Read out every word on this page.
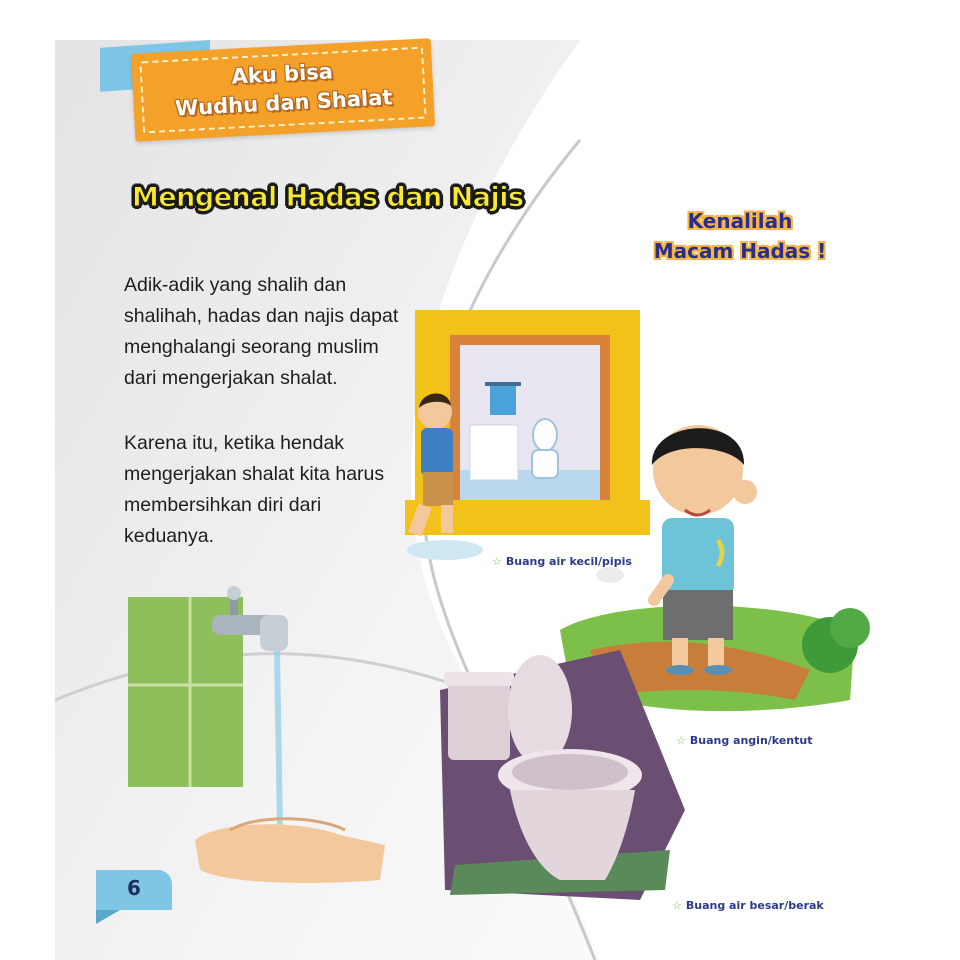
Aku bisa
Wudhu dan Shalat
Mengenal Hadas dan Najis
Kenalilah
Macam Hadas !

Adik-adik yang shalih dan shalihah, hadas dan najis dapat menghalangi seorang muslim dari mengerjakan shalat.

Karena itu, ketika hendak mengerjakan shalat kita harus membersihkan diri dari keduanya.

☆ Buang air kecil/pipis
☆ Buang angin/kentut
☆ Buang air besar/berak
6
